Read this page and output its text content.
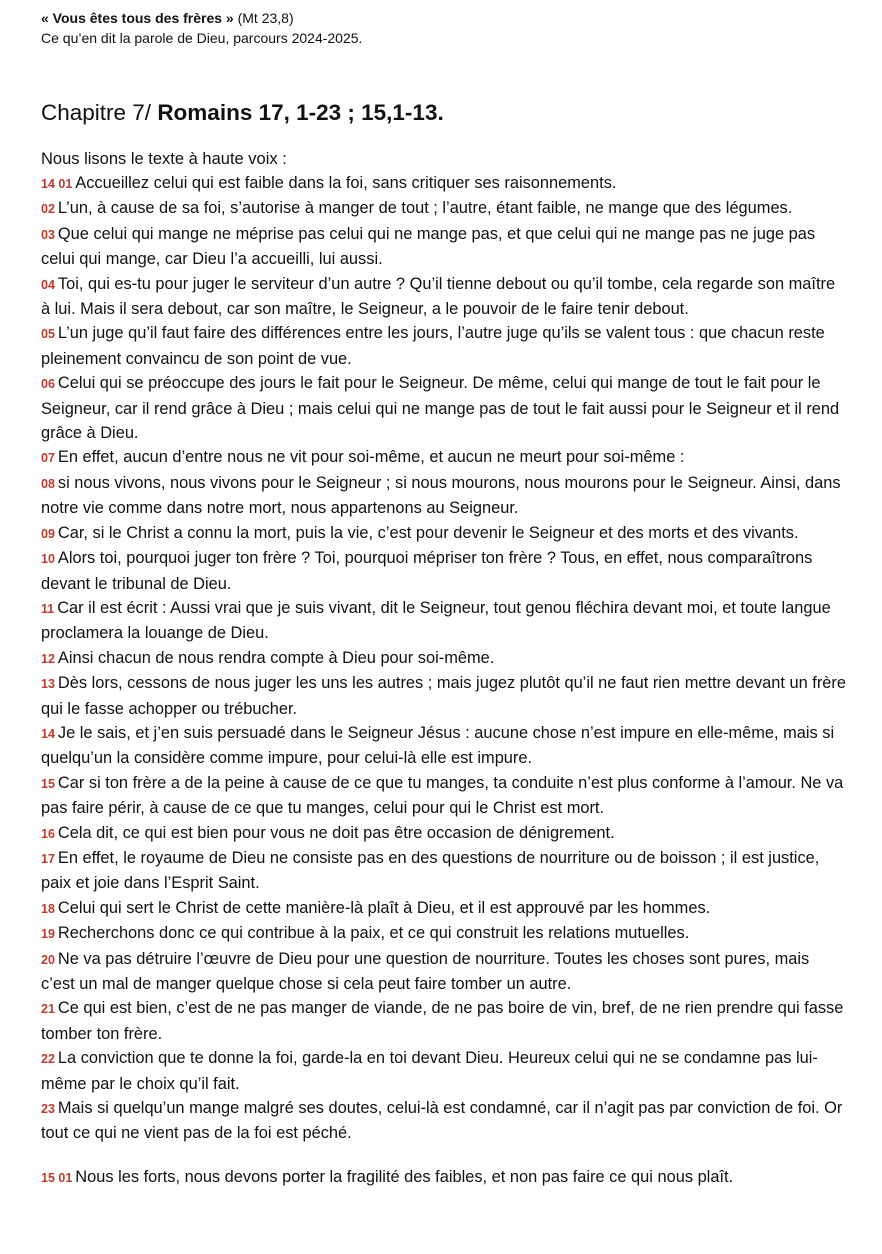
« Vous êtes tous des frères » (Mt 23,8)
Ce qu’en dit la parole de Dieu, parcours 2024-2025.
Chapitre 7/ Romains 17, 1-23 ; 15,1-13.
Nous lisons le texte à haute voix :

14 01 Accueillez celui qui est faible dans la foi, sans critiquer ses raisonnements.

02 L’un, à cause de sa foi, s’autorise à manger de tout ; l’autre, étant faible, ne mange que des légumes.

03 Que celui qui mange ne méprise pas celui qui ne mange pas, et que celui qui ne mange pas ne juge pas celui qui mange, car Dieu l’a accueilli, lui aussi.

04 Toi, qui es-tu pour juger le serviteur d’un autre ? Qu’il tienne debout ou qu’il tombe, cela regarde son maître à lui. Mais il sera debout, car son maître, le Seigneur, a le pouvoir de le faire tenir debout.

05 L’un juge qu’il faut faire des différences entre les jours, l’autre juge qu’ils se valent tous : que chacun reste pleinement convaincu de son point de vue.

06 Celui qui se préoccupe des jours le fait pour le Seigneur. De même, celui qui mange de tout le fait pour le Seigneur, car il rend grâce à Dieu ; mais celui qui ne mange pas de tout le fait aussi pour le Seigneur et il rend grâce à Dieu.

07 En effet, aucun d’entre nous ne vit pour soi-même, et aucun ne meurt pour soi-même :

08 si nous vivons, nous vivons pour le Seigneur ; si nous mourons, nous mourons pour le Seigneur. Ainsi, dans notre vie comme dans notre mort, nous appartenons au Seigneur.

09 Car, si le Christ a connu la mort, puis la vie, c’est pour devenir le Seigneur et des morts et des vivants.

10 Alors toi, pourquoi juger ton frère ? Toi, pourquoi mépriser ton frère ? Tous, en effet, nous comparaîtrons devant le tribunal de Dieu.

11 Car il est écrit : Aussi vrai que je suis vivant, dit le Seigneur, tout genou fléchira devant moi, et toute langue proclamera la louange de Dieu.

12 Ainsi chacun de nous rendra compte à Dieu pour soi-même.

13 Dès lors, cessons de nous juger les uns les autres ; mais jugez plutôt qu’il ne faut rien mettre devant un frère qui le fasse achopper ou trébucher.

14 Je le sais, et j’en suis persuadé dans le Seigneur Jésus : aucune chose n’est impure en elle-même, mais si quelqu’un la considère comme impure, pour celui-là elle est impure.

15 Car si ton frère a de la peine à cause de ce que tu manges, ta conduite n’est plus conforme à l’amour. Ne va pas faire périr, à cause de ce que tu manges, celui pour qui le Christ est mort.

16 Cela dit, ce qui est bien pour vous ne doit pas être occasion de dénigrement.

17 En effet, le royaume de Dieu ne consiste pas en des questions de nourriture ou de boisson ; il est justice, paix et joie dans l’Esprit Saint.

18 Celui qui sert le Christ de cette manière-là plaît à Dieu, et il est approuvé par les hommes.

19 Recherchons donc ce qui contribue à la paix, et ce qui construit les relations mutuelles.

20 Ne va pas détruire l’œuvre de Dieu pour une question de nourriture. Toutes les choses sont pures, mais c’est un mal de manger quelque chose si cela peut faire tomber un autre.

21 Ce qui est bien, c’est de ne pas manger de viande, de ne pas boire de vin, bref, de ne rien prendre qui fasse tomber ton frère.

22 La conviction que te donne la foi, garde-la en toi devant Dieu. Heureux celui qui ne se condamne pas lui-même par le choix qu’il fait.

23 Mais si quelqu’un mange malgré ses doutes, celui-là est condamné, car il n’agit pas par conviction de foi. Or tout ce qui ne vient pas de la foi est péché.

15 01 Nous les forts, nous devons porter la fragilité des faibles, et non pas faire ce qui nous plaît.
